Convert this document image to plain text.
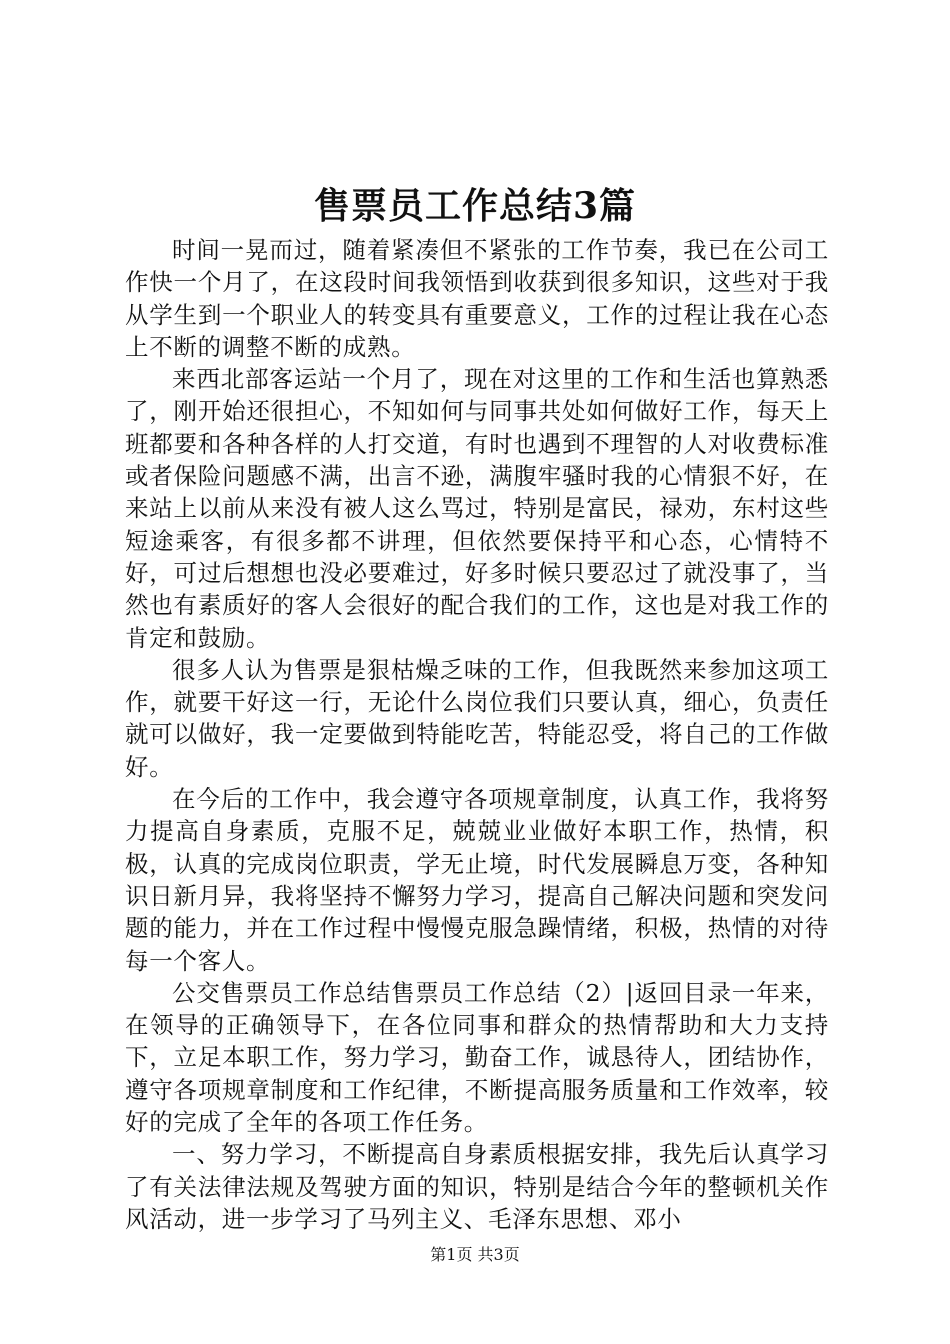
售票员工作总结3篇

时间一晃而过，随着紧凑但不紧张的工作节奏，我已在公司工作快一个月了，在这段时间我领悟到收获到很多知识，这些对于我从学生到一个职业人的转变具有重要意义，工作的过程让我在心态上不断的调整不断的成熟。

来西北部客运站一个月了，现在对这里的工作和生活也算熟悉了，刚开始还很担心，不知如何与同事共处如何做好工作，每天上班都要和各种各样的人打交道，有时也遇到不理智的人对收费标准或者保险问题感不满，出言不逊，满腹牢骚时我的心情狠不好，在来站上以前从来没有被人这么骂过，特别是富民，禄劝，东村这些短途乘客，有很多都不讲理，但依然要保持平和心态，心情特不好，可过后想想也没必要难过，好多时候只要忍过了就没事了，当然也有素质好的客人会很好的配合我们的工作，这也是对我工作的肯定和鼓励。

很多人认为售票是狠枯燥乏味的工作，但我既然来参加这项工作，就要干好这一行，无论什么岗位我们只要认真，细心，负责任就可以做好，我一定要做到特能吃苦，特能忍受，将自己的工作做好。

在今后的工作中，我会遵守各项规章制度，认真工作，我将努力提高自身素质，克服不足，兢兢业业做好本职工作，热情，积极，认真的完成岗位职责，学无止境，时代发展瞬息万变，各种知识日新月异，我将坚持不懈努力学习，提高自己解决问题和突发问题的能力，并在工作过程中慢慢克服急躁情绪，积极，热情的对待每一个客人。

公交售票员工作总结售票员工作总结（2）|返回目录一年来，在领导的正确领导下，在各位同事和群众的热情帮助和大力支持下，立足本职工作，努力学习，勤奋工作，诚恳待人，团结协作，遵守各项规章制度和工作纪律，不断提高服务质量和工作效率，较好的完成了全年的各项工作任务。

一、努力学习，不断提高自身素质根据安排，我先后认真学习了有关法律法规及驾驶方面的知识，特别是结合今年的整顿机关作风活动，进一步学习了马列主义、毛泽东思想、邓小

第1页 共3页
